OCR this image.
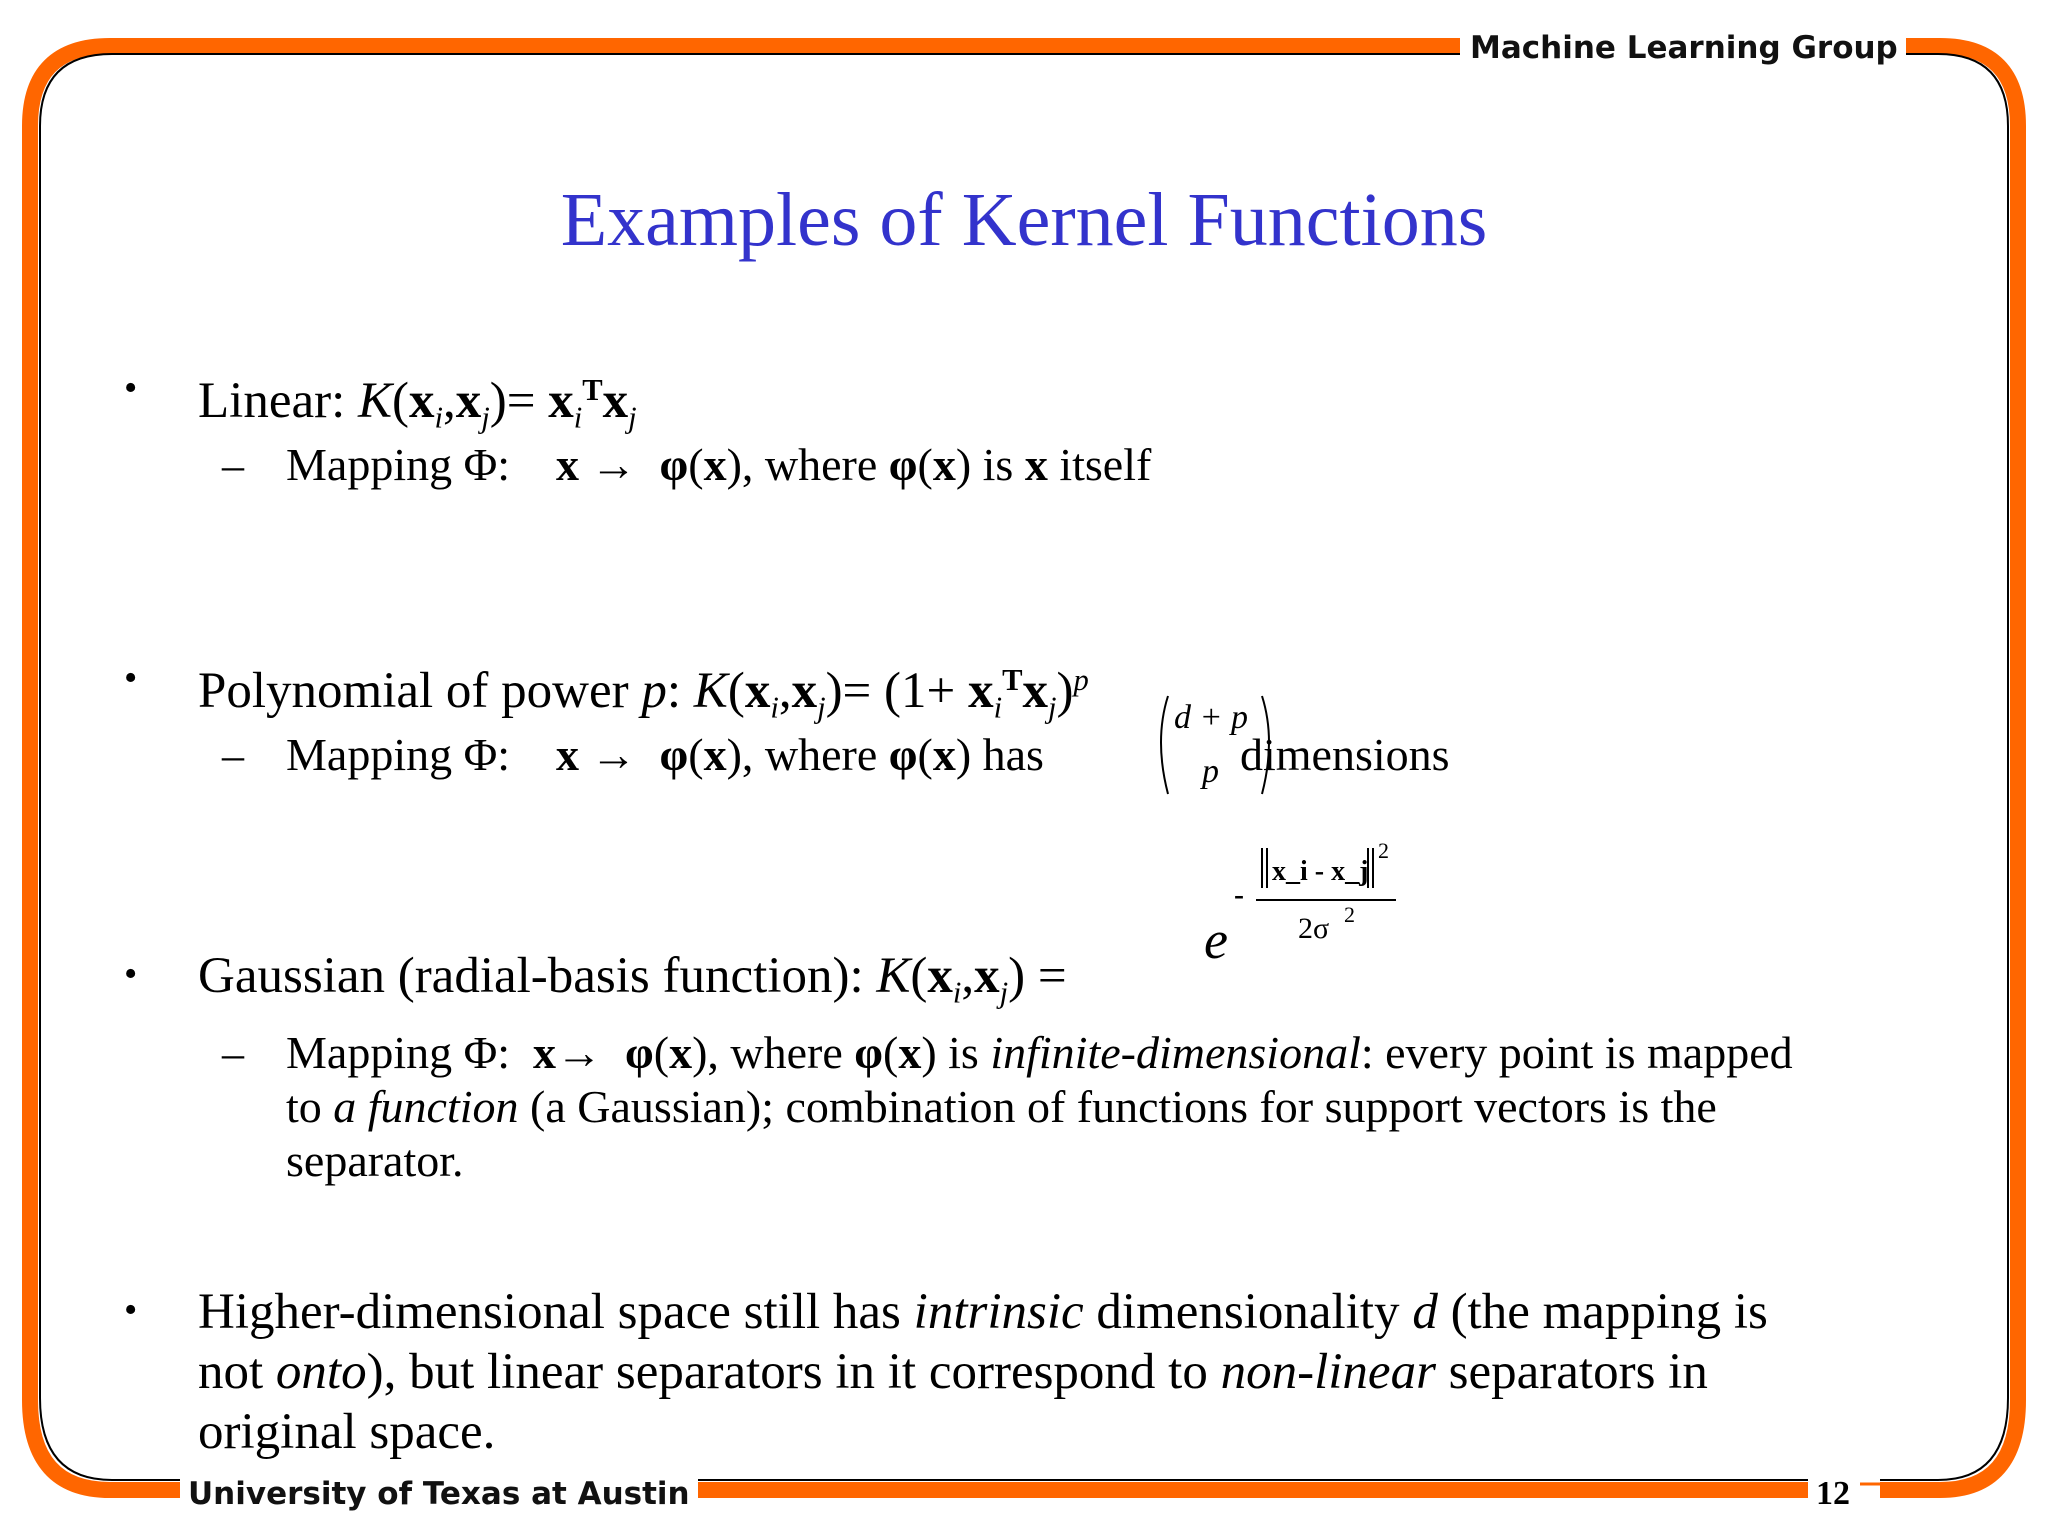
Machine Learning Group
University of Texas at Austin	12
Examples of Kernel Functions
• Linear: $K(x_i,x_j)= x_i^Tx_j$
– Mapping Φ: x →  φ(x), where φ(x) is x itself
• Polynomial of power p: $K(x_i,x_j)= (1+ x_i^Tx_j)^p$
– Mapping Φ: x →  φ(x), where φ(x) has
d + p
p dimensions
e
-
x_i - x_j
2
2σ 2
• Gaussian (radial-basis function): $K(x_i,x_j)$ =
– Mapping Φ: x→  φ(x), where φ(x) is infinite-dimensional: every point is mapped
to a function (a Gaussian); combination of functions for support vectors is the
separator.
• Higher-dimensional space still has intrinsic dimensionality d (the mapping is
not onto), but linear separators in it correspond to non-linear separators in
original space.
